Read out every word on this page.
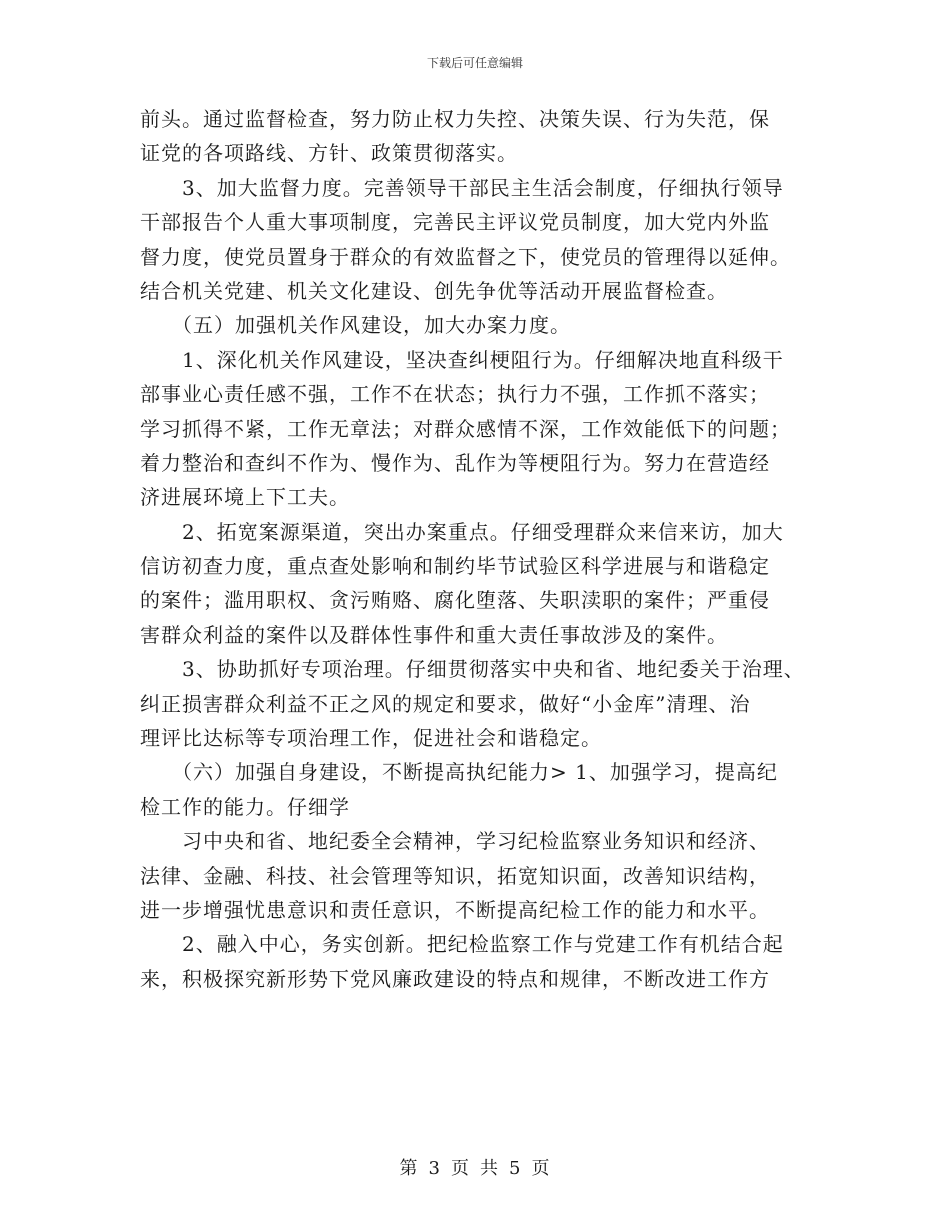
下载后可任意编辑
前头。通过监督检查，努力防止权力失控、决策失误、行为失范，保
证党的各项路线、方针、政策贯彻落实。
　　3、加大监督力度。完善领导干部民主生活会制度，仔细执行领导
干部报告个人重大事项制度，完善民主评议党员制度，加大党内外监
督力度，使党员置身于群众的有效监督之下，使党员的管理得以延伸。
结合机关党建、机关文化建设、创先争优等活动开展监督检查。
　　（五）加强机关作风建设，加大办案力度。
　　1、深化机关作风建设，坚决查纠梗阻行为。仔细解决地直科级干
部事业心责任感不强，工作不在状态；执行力不强，工作抓不落实；
学习抓得不紧，工作无章法；对群众感情不深，工作效能低下的问题；
着力整治和查纠不作为、慢作为、乱作为等梗阻行为。努力在营造经
济进展环境上下工夫。
　　2、拓宽案源渠道，突出办案重点。仔细受理群众来信来访，加大
信访初查力度，重点查处影响和制约毕节试验区科学进展与和谐稳定
的案件；滥用职权、贪污贿赂、腐化堕落、失职渎职的案件；严重侵
害群众利益的案件以及群体性事件和重大责任事故涉及的案件。
　　3、协助抓好专项治理。仔细贯彻落实中央和省、地纪委关于治理、
纠正损害群众利益不正之风的规定和要求，做好“小金库”清理、治
理评比达标等专项治理工作，促进社会和谐稳定。
　　（六）加强自身建设，不断提高执纪能力> 1、加强学习，提高纪
检工作的能力。仔细学
　　习中央和省、地纪委全会精神，学习纪检监察业务知识和经济、
法律、金融、科技、社会管理等知识，拓宽知识面，改善知识结构，
进一步增强忧患意识和责任意识，不断提高纪检工作的能力和水平。
　　2、融入中心，务实创新。把纪检监察工作与党建工作有机结合起
来，积极探究新形势下党风廉政建设的特点和规律，不断改进工作方
第 3 页 共 5 页
